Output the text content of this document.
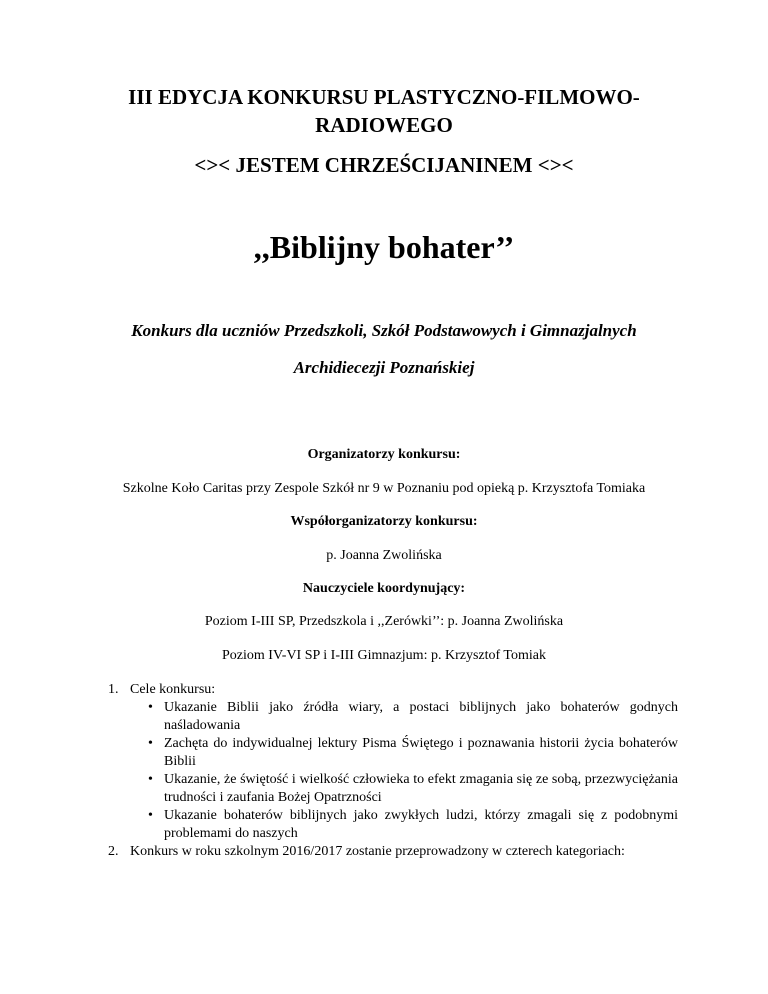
III EDYCJA KONKURSU PLASTYCZNO-FILMOWO-
RADIOWEGO
<>< JESTEM CHRZEŚCIJANINEM <><
,,Biblijny bohater’’
Konkurs dla uczniów Przedszkoli, Szkół Podstawowych i Gimnazjalnych
Archidiecezji Poznańskiej
Organizatorzy konkursu:
Szkolne Koło Caritas przy Zespole Szkół nr 9 w Poznaniu pod opieką p. Krzysztofa Tomiaka
Współorganizatorzy konkursu:
p. Joanna Zwolińska
Nauczyciele koordynujący:
Poziom I-III SP, Przedszkola i ,,Zerówki’’: p. Joanna Zwolińska
Poziom IV-VI SP i I-III Gimnazjum: p. Krzysztof Tomiak
1. Cele konkursu:
• Ukazanie Biblii jako źródła wiary, a postaci biblijnych jako bohaterów godnych naśladowania
• Zachęta do indywidualnej lektury Pisma Świętego i poznawania historii życia bohaterów Biblii
• Ukazanie, że świętość i wielkość człowieka to efekt zmagania się ze sobą, przezwyciężania trudności i zaufania Bożej Opatrzności
• Ukazanie bohaterów biblijnych jako zwykłych ludzi, którzy zmagali się z podobnymi problemami do naszych
2. Konkurs w roku szkolnym 2016/2017 zostanie przeprowadzony w czterech kategoriach:
